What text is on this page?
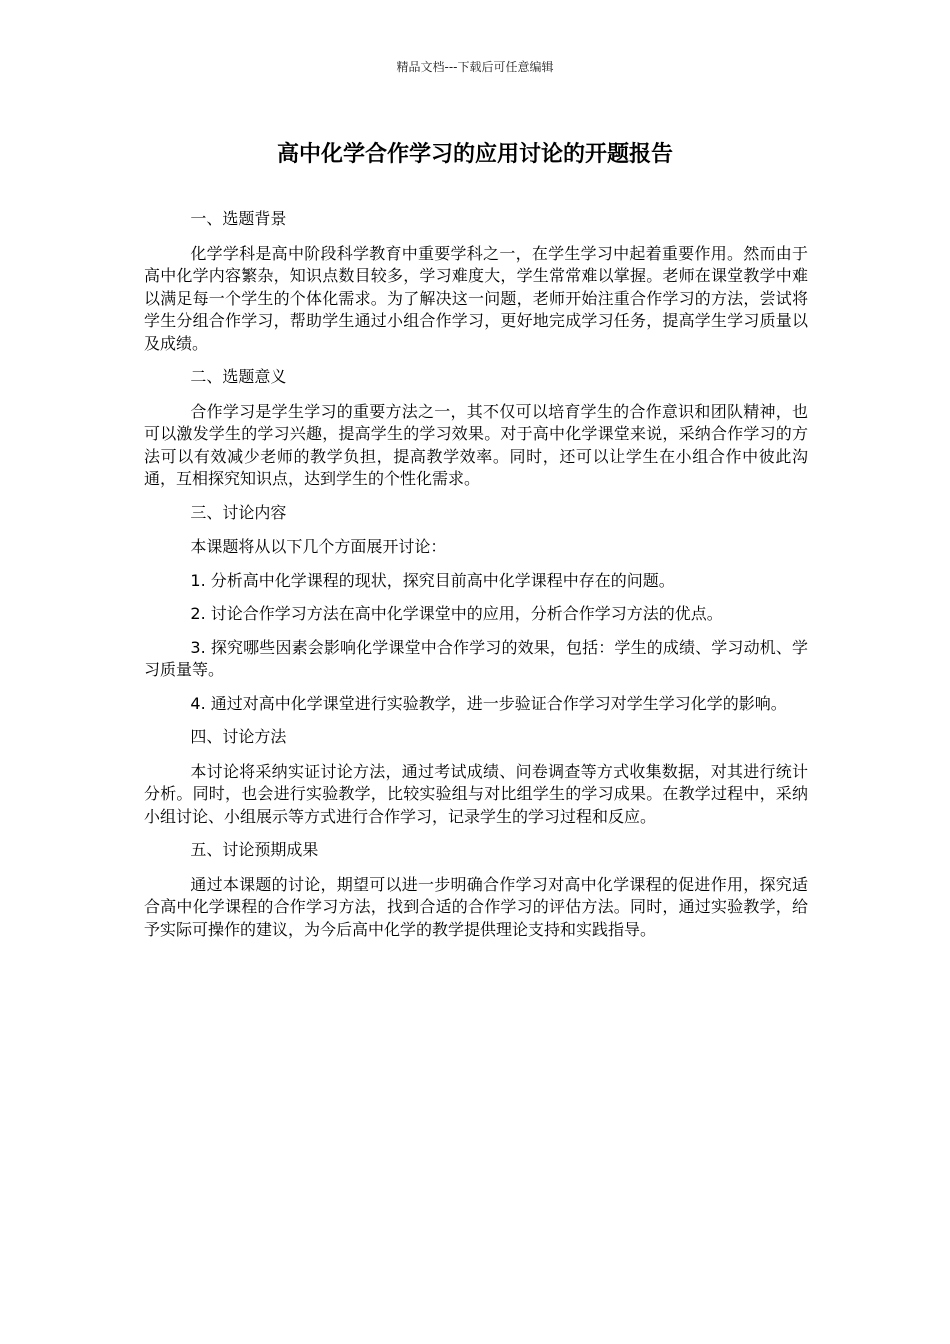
精品文档---下载后可任意编辑
高中化学合作学习的应用讨论的开题报告

一、选题背景

化学学科是高中阶段科学教育中重要学科之一，在学生学习中起着重要作用。然而由于高中化学内容繁杂，知识点数目较多，学习难度大，学生常常难以掌握。老师在课堂教学中难以满足每一个学生的个体化需求。为了解决这一问题，老师开始注重合作学习的方法，尝试将学生分组合作学习，帮助学生通过小组合作学习，更好地完成学习任务，提高学生学习质量以及成绩。

二、选题意义

合作学习是学生学习的重要方法之一，其不仅可以培育学生的合作意识和团队精神，也可以激发学生的学习兴趣，提高学生的学习效果。对于高中化学课堂来说，采纳合作学习的方法可以有效减少老师的教学负担，提高教学效率。同时，还可以让学生在小组合作中彼此沟通，互相探究知识点，达到学生的个性化需求。

三、讨论内容

本课题将从以下几个方面展开讨论：

1. 分析高中化学课程的现状，探究目前高中化学课程中存在的问题。

2. 讨论合作学习方法在高中化学课堂中的应用，分析合作学习方法的优点。

3. 探究哪些因素会影响化学课堂中合作学习的效果，包括：学生的成绩、学习动机、学习质量等。

4. 通过对高中化学课堂进行实验教学，进一步验证合作学习对学生学习化学的影响。

四、讨论方法

本讨论将采纳实证讨论方法，通过考试成绩、问卷调查等方式收集数据，对其进行统计分析。同时，也会进行实验教学，比较实验组与对比组学生的学习成果。在教学过程中，采纳小组讨论、小组展示等方式进行合作学习，记录学生的学习过程和反应。

五、讨论预期成果

通过本课题的讨论，期望可以进一步明确合作学习对高中化学课程的促进作用，探究适合高中化学课程的合作学习方法，找到合适的合作学习的评估方法。同时，通过实验教学，给予实际可操作的建议，为今后高中化学的教学提供理论支持和实践指导。
